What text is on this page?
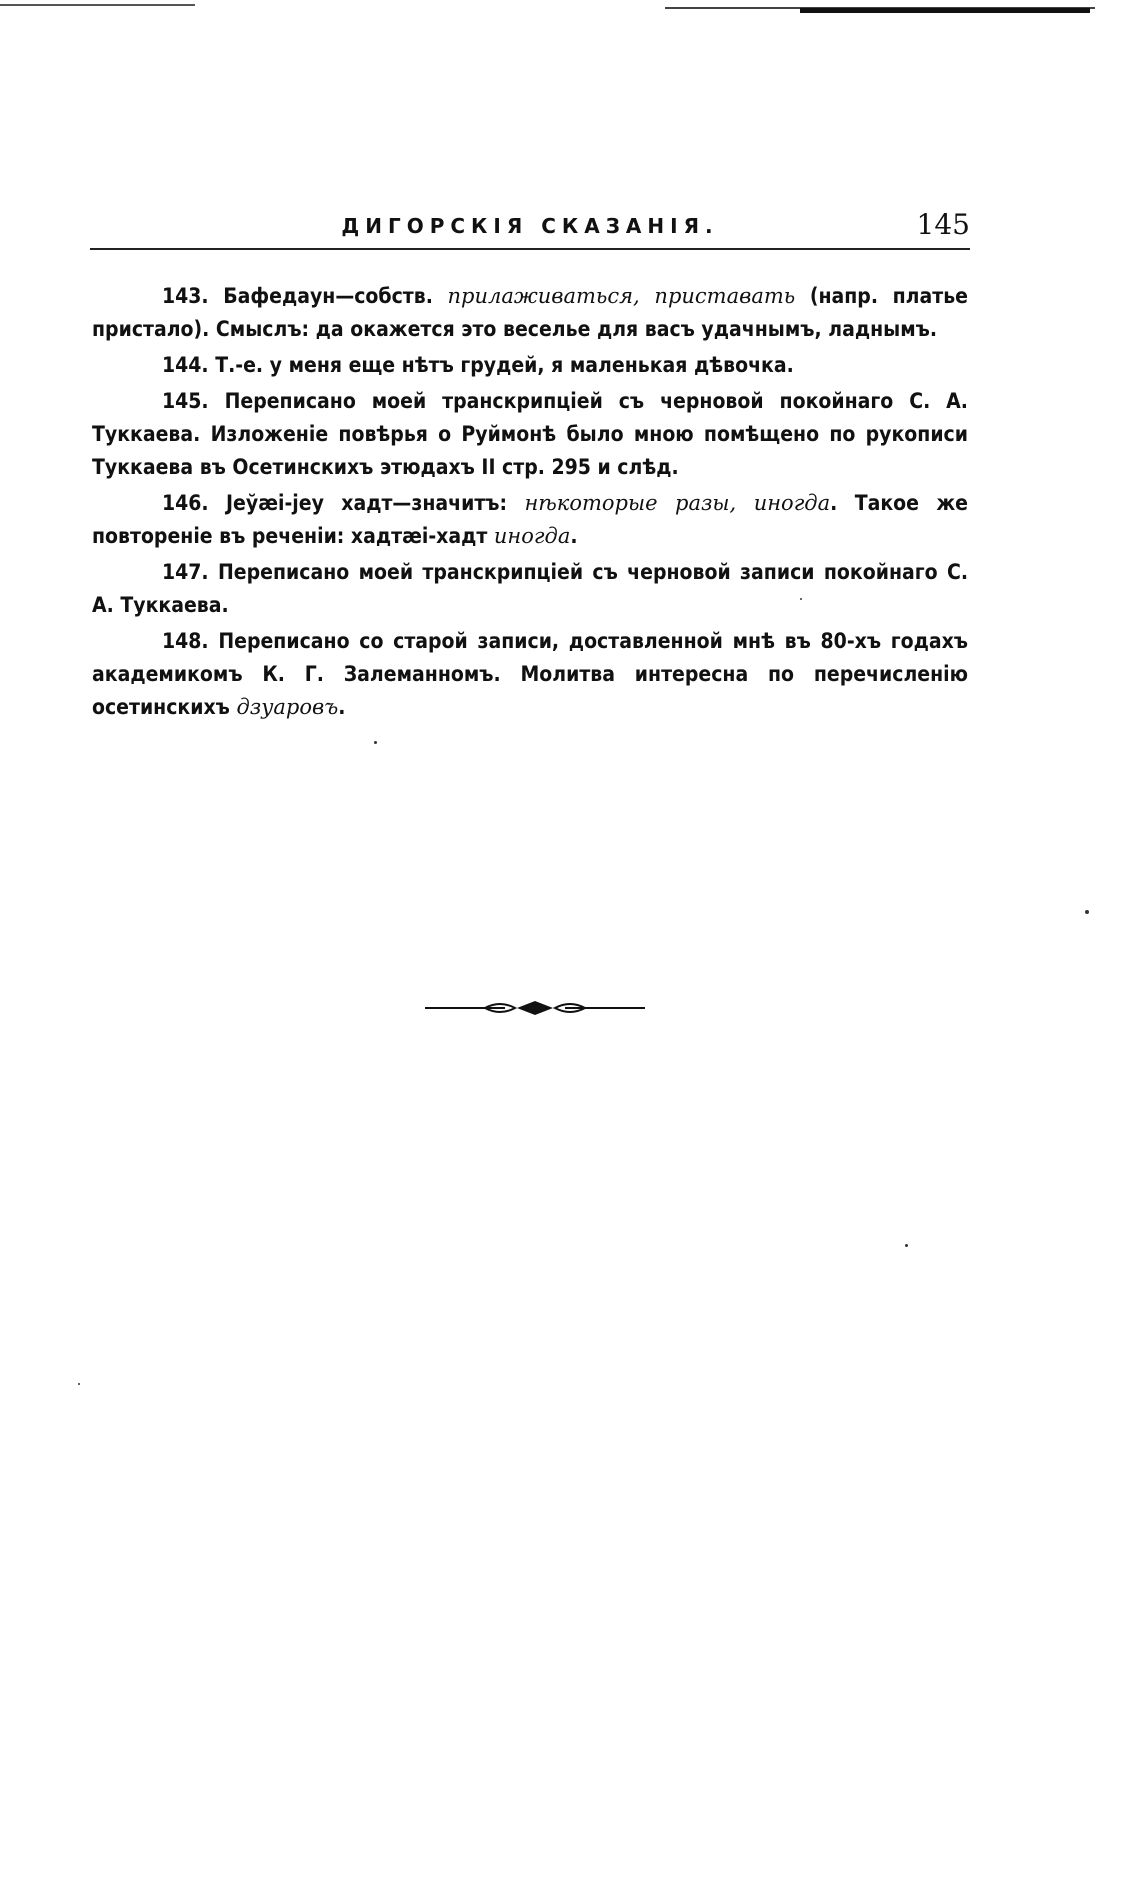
ДИГОРСКІЯ СКАЗАНІЯ.	145

143. Бафедаун—собств. прилаживаться, приставать (напр. платье пристало). Смыслъ: да окажется это веселье для васъ удачнымъ, ладнымъ.

144. Т.-е. у меня еще нѣтъ грудей, я маленькая дѣвочка.

145. Переписано моей транскрипціей съ черновой покойнаго С. А. Туккаева. Изложеніе повѣрья о Руймонѣ было мною помѣщено по рукописи Туккаева въ Осетинскихъ этюдахъ II стр. 295 и слѣд.

146. Јеўæі-јеу хадт—значитъ: нѣкоторые разы, иногда. Такое же повтореніе въ реченіи: хадтæі-хадт иногда.

147. Переписано моей транскрипціей съ черновой записи покойнаго С. А. Туккаева.

148. Переписано со старой записи, доставленной мнѣ въ 80-хъ годахъ академикомъ К. Г. Залеманномъ. Молитва интересна по перечисленію осетинскихъ дзуаровъ.
